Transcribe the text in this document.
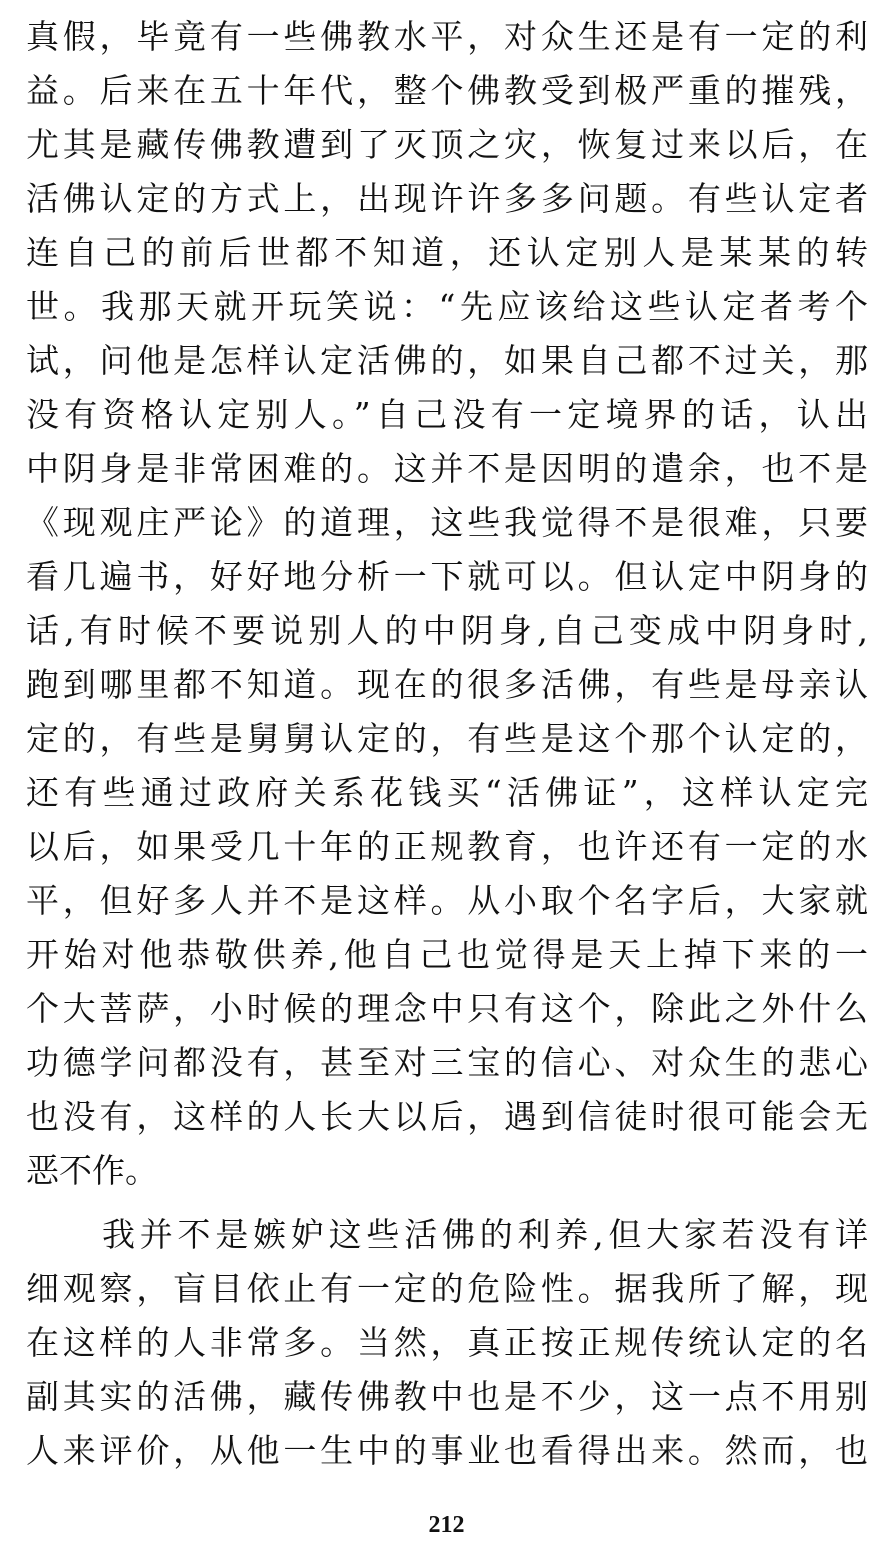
真假，毕竟有一些佛教水平，对众生还是有一定的利
益。后来在五十年代，整个佛教受到极严重的摧残，
尤其是藏传佛教遭到了灭顶之灾，恢复过来以后，在
活佛认定的方式上，出现许许多多问题。有些认定者
连自己的前后世都不知道，还认定别人是某某的转
世。我那天就开玩笑说：“先应该给这些认定者考个
试，问他是怎样认定活佛的，如果自己都不过关，那
没有资格认定别人。”自己没有一定境界的话，认出
中阴身是非常困难的。这并不是因明的遣余，也不是
《现观庄严论》的道理，这些我觉得不是很难，只要
看几遍书，好好地分析一下就可以。但认定中阴身的
话,有时候不要说别人的中阴身,自己变成中阴身时,
跑到哪里都不知道。现在的很多活佛，有些是母亲认
定的，有些是舅舅认定的，有些是这个那个认定的，
还有些通过政府关系花钱买“活佛证”，这样认定完
以后，如果受几十年的正规教育，也许还有一定的水
平，但好多人并不是这样。从小取个名字后，大家就
开始对他恭敬供养,他自己也觉得是天上掉下来的一
个大菩萨，小时候的理念中只有这个，除此之外什么
功德学问都没有，甚至对三宝的信心、对众生的悲心
也没有，这样的人长大以后，遇到信徒时很可能会无
恶不作。
我并不是嫉妒这些活佛的利养,但大家若没有详
细观察，盲目依止有一定的危险性。据我所了解，现
在这样的人非常多。当然，真正按正规传统认定的名
副其实的活佛，藏传佛教中也是不少，这一点不用别
人来评价，从他一生中的事业也看得出来。然而，也
212
